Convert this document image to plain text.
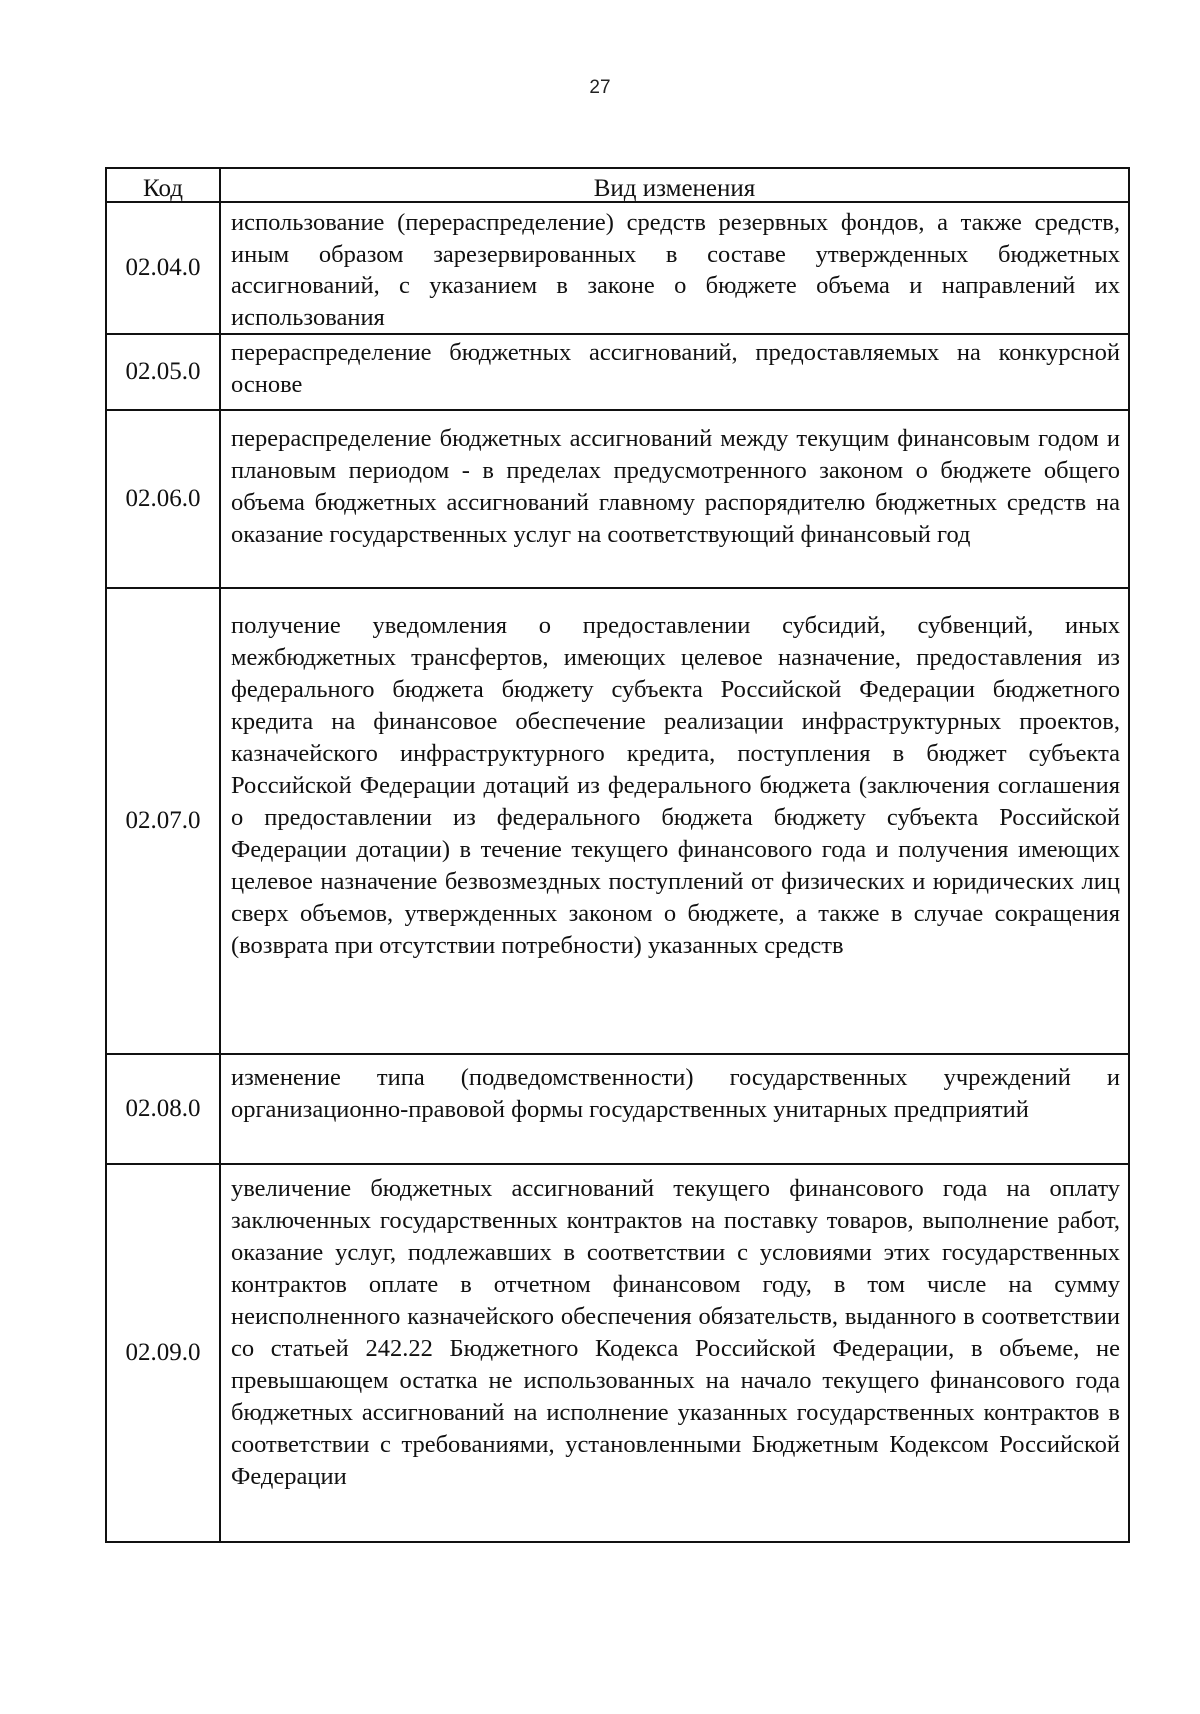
27
Код	Вид изменения
02.04.0	использование (перераспределение) средств резервных фондов, а также средств, иным образом зарезервированных в составе утвержденных бюджетных ассигнований, с указанием в законе о бюджете объема и направлений их использования

02.05.0	перераспределение бюджетных ассигнований, предоставляемых на конкурсной основе

02.06.0	перераспределение бюджетных ассигнований между текущим финансовым годом и плановым периодом - в пределах предусмотренного законом о бюджете общего объема бюджетных ассигнований главному распорядителю бюджетных средств на оказание государственных услуг на соответствующий финансовый год

02.07.0	получение уведомления о предоставлении субсидий, субвенций, иных межбюджетных трансфертов, имеющих целевое назначение, предоставления из федерального бюджета бюджету субъекта Российской Федерации бюджетного кредита на финансовое обеспечение реализации инфраструктурных проектов, казначейского инфраструктурного кредита, поступления в бюджет субъекта Российской Федерации дотаций из федерального бюджета (заключения соглашения о предоставлении из федерального бюджета бюджету субъекта Российской Федерации дотации) в течение текущего финансового года и получения имеющих целевое назначение безвозмездных поступлений от физических и юридических лиц сверх объемов, утвержденных законом о бюджете, а также в случае сокращения (возврата при отсутствии потребности) указанных средств

02.08.0	изменение типа (подведомственности) государственных учреждений и организационно-правовой формы государственных унитарных предприятий

02.09.0	увеличение бюджетных ассигнований текущего финансового года на оплату заключенных государственных контрактов на поставку товаров, выполнение работ, оказание услуг, подлежавших в соответствии с условиями этих государственных контрактов оплате в отчетном финансовом году, в том числе на сумму неисполненного казначейского обеспечения обязательств, выданного в соответствии со статьей 242.22 Бюджетного Кодекса Российской Федерации, в объеме, не превышающем остатка не использованных на начало текущего финансового года бюджетных ассигнований на исполнение указанных государственных контрактов в соответствии с требованиями, установленными Бюджетным Кодексом Российской Федерации
